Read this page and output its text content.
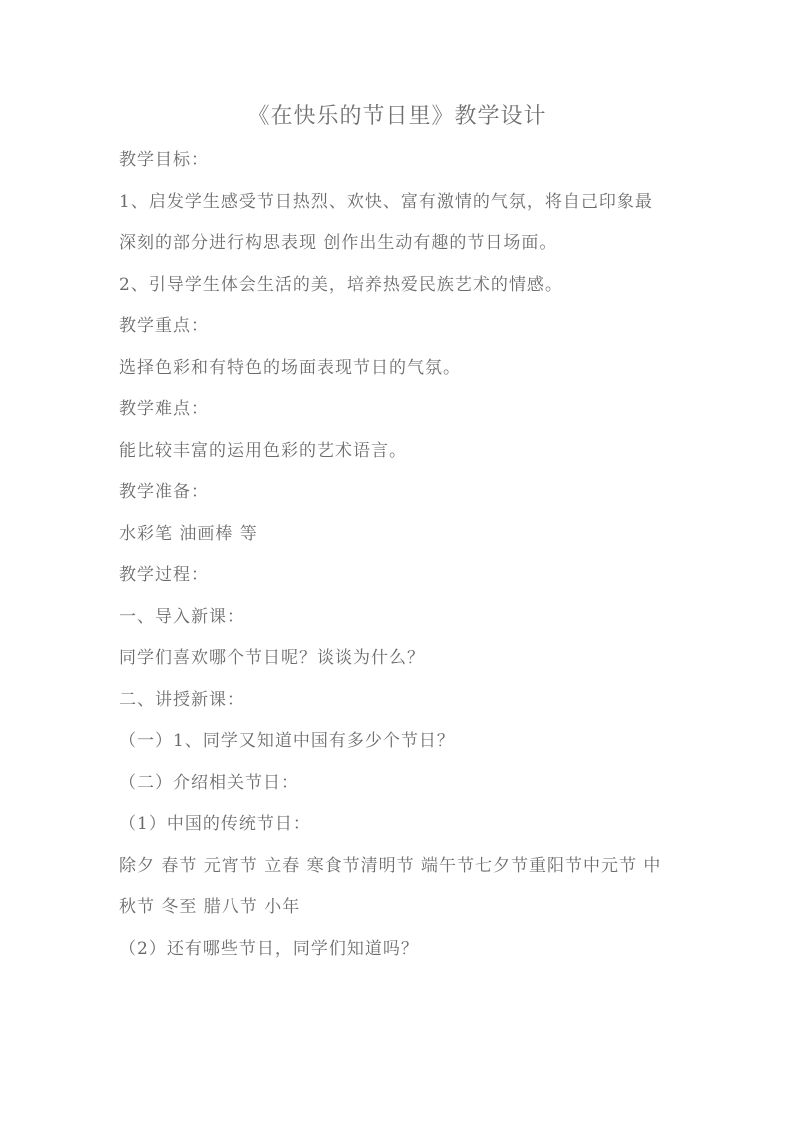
《在快乐的节日里》教学设计
教学目标：
1、启发学生感受节日热烈、欢快、富有激情的气氛，将自己印象最
深刻的部分进行构思表现 创作出生动有趣的节日场面。
2、引导学生体会生活的美，培养热爱民族艺术的情感。
教学重点：
选择色彩和有特色的场面表现节日的气氛。
教学难点：
能比较丰富的运用色彩的艺术语言。
教学准备：
水彩笔 油画棒 等
教学过程：
一、导入新课：
同学们喜欢哪个节日呢？谈谈为什么？
二、讲授新课：
（一）1、同学又知道中国有多少个节日？
（二）介绍相关节日：
（1）中国的传统节日：
除夕 春节 元宵节 立春 寒食节清明节 端午节七夕节重阳节中元节 中
秋节 冬至 腊八节 小年
（2）还有哪些节日，同学们知道吗？
